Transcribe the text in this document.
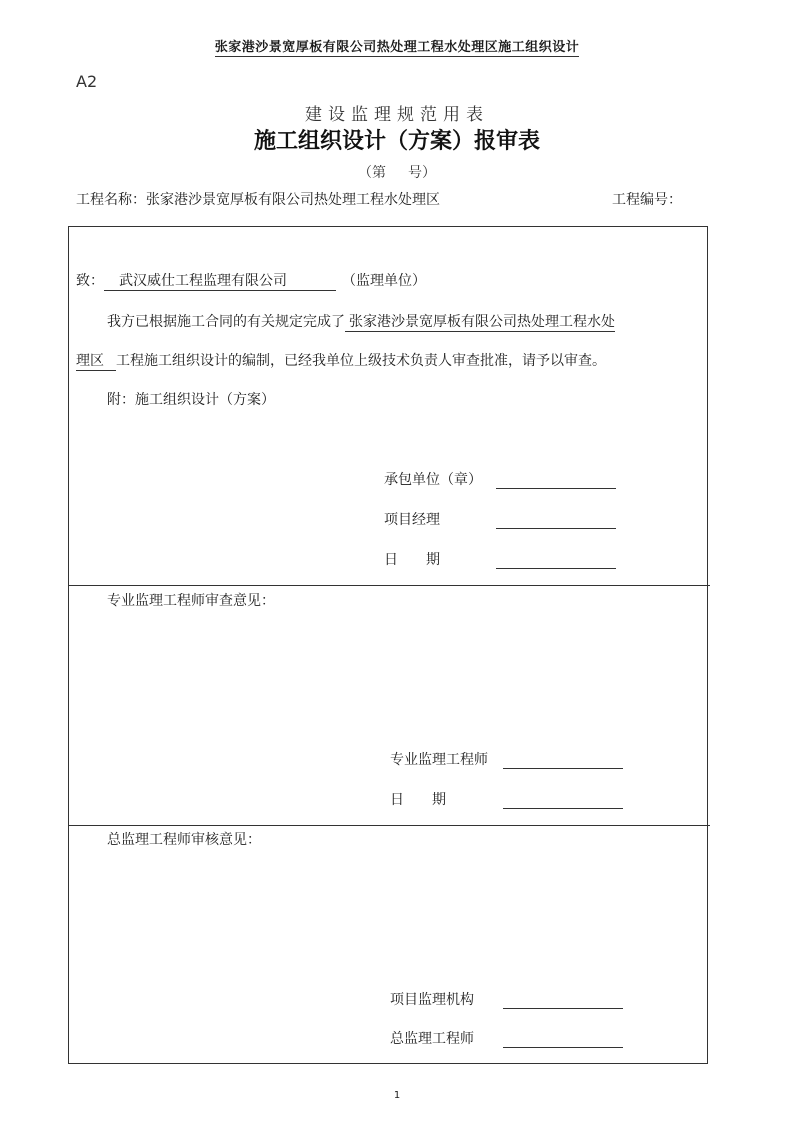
张家港沙景宽厚板有限公司热处理工程水处理区施工组织设计
A2
建设监理规范用表
施工组织设计（方案）报审表
（第 号）
工程名称：张家港沙景宽厚板有限公司热处理工程水处理区	工程编号：
致： 武汉威仕工程监理有限公司	（监理单位）
我方已根据施工合同的有关规定完成了 张家港沙景宽厚板有限公司热处理工程水处
理区 工程施工组织设计的编制，已经我单位上级技术负责人审查批准，请予以审查。
附：施工组织设计（方案）
承包单位（章）
项目经理
日　　期
专业监理工程师审查意见：
专业监理工程师
日　　期
总监理工程师审核意见：
项目监理机构
总监理工程师
1
